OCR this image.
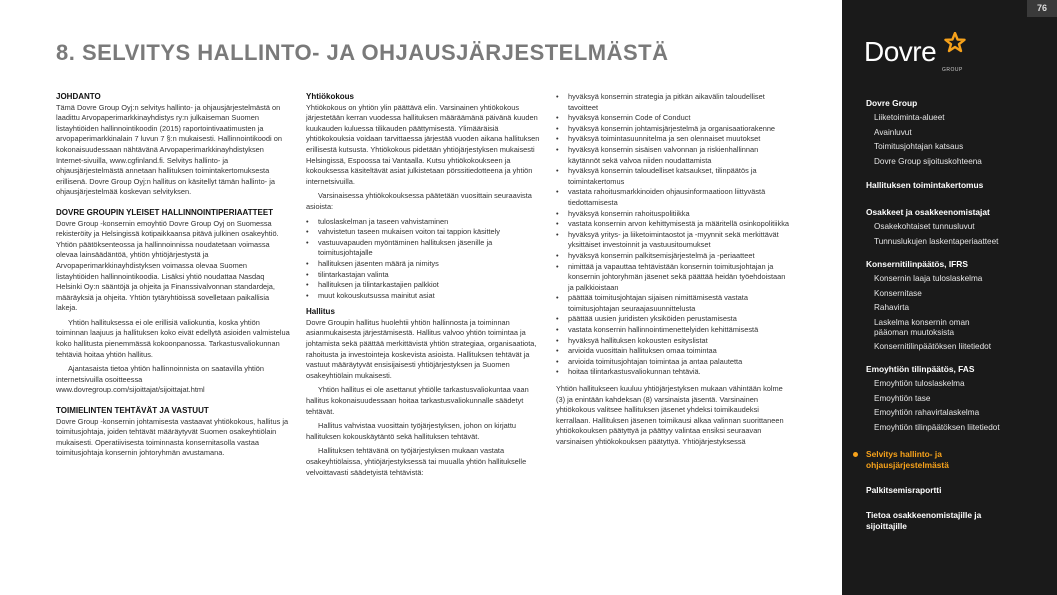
8. SELVITYS HALLINTO- JA OHJAUSJÄRJESTELMÄSTÄ
JOHDANTO

Tämä Dovre Group Oyj:n selvitys hallinto- ja ohjausjärjestelmästä on laadittu Arvopaperimarkkinayhdistys ry:n julkaiseman Suomen listayhtiöiden hallinnointikoodin (2015) raportointivaatimusten ja arvopaperimarkkinalain 7 luvun 7 §:n mukaisesti. Hallinnointikoodi on kokonaisuudessaan nähtävänä Arvopaperimarkkinayhdistyksen Internet-sivuilla, www.cgfinland.fi. Selvitys hallinto- ja ohjausjärjestelmästä annetaan hallituksen toimintakertomuksesta erillisenä. Dovre Group Oyj:n hallitus on käsitellyt tämän hallinto- ja ohjausjärjestelmää koskevan selvityksen.

DOVRE GROUPIN YLEISET HALLINNOINTIPERIAATTEET

Dovre Group -konsernin emoyhtiö Dovre Group Oyj on Suomessa rekisteröity ja Helsingissä kotipaikkaansa pitävä julkinen osakeyhtiö. Yhtiön päätöksenteossa ja hallinnoinnissa noudatetaan voimassa olevaa lainsäädäntöä, yhtiön yhtiöjärjestystä ja Arvopaperimarkkinayhdistyksen voimassa olevaa Suomen listayhtiöiden hallinnointikoodia. Lisäksi yhtiö noudattaa Nasdaq Helsinki Oy:n sääntöjä ja ohjeita ja Finanssivalvonnan standardeja, määräyksiä ja ohjeita. Yhtiön tytäryhtiöissä sovelletaan paikallisia lakeja.

Yhtiön hallituksessa ei ole erillisiä valiokuntia, koska yhtiön toiminnan laajuus ja hallituksen koko eivät edellytä asioiden valmistelua koko hallitusta pienemmässä kokoonpanossa. Tarkastusvaliokunnan tehtäviä hoitaa yhtiön hallitus.

Ajantasaista tietoa yhtiön hallinnoinnista on saatavilla yhtiön internetsivuilla osoitteessa www.dovregroup.com/sijoittajat/sijoittajat.html

TOIMIELINTEN TEHTÄVÄT JA VASTUUT

Dovre Group -konsernin johtamisesta vastaavat yhtiökokous, hallitus ja toimitusjohtaja, joiden tehtävät määräytyvät Suomen osakeyhtiölain mukaisesti. Operatiivisesta toiminnasta konsernitasolla vastaa toimitusjohtaja konsernin johtoryhmän avustamana.

Yhtiökokous

Yhtiökokous on yhtiön ylin päättävä elin. Varsinainen yhtiökokous järjestetään kerran vuodessa hallituksen määräämänä päivänä kuuden kuukauden kuluessa tilikauden päättymisestä. Ylimääräisiä yhtiökokouksia voidaan tarvittaessa järjestää vuoden aikana hallituksen erillisestä kutsusta. Yhtiökokous pidetään yhtiöjärjestyksen mukaisesti Helsingissä, Espoossa tai Vantaalla. Kutsu yhtiökokoukseen ja kokouksessa käsiteltävät asiat julkistetaan pörssitiedotteena ja yhtiön internetsivuilla.

Varsinaisessa yhtiökokouksessa päätetään vuosittain seuraavista asioista:

• tuloslaskelman ja taseen vahvistaminen
• vahvistetun taseen mukaisen voiton tai tappion käsittely
• vastuuvapauden myöntäminen hallituksen jäsenille ja toimitusjohtajalle
• hallituksen jäsenten määrä ja nimitys
• tilintarkastajan valinta
• hallituksen ja tilintarkastajien palkkiot
• muut kokouskutsussa mainitut asiat
Hallitus

Dovre Groupin hallitus huolehtii yhtiön hallinnosta ja toiminnan asianmukaisesta järjestämisestä. Hallitus valvoo yhtiön toimintaa ja johtamista sekä päättää merkittävistä yhtiön strategiaa, organisaatiota, rahoitusta ja investointeja koskevista asioista. Hallituksen tehtävät ja vastuut määräytyvät ensisijaisesti yhtiöjärjestyksen ja Suomen osakeyhtiölain mukaisesti.

Yhtiön hallitus ei ole asettanut yhtiölle tarkastusvaliokuntaa vaan hallitus kokonaisuudessaan hoitaa tarkastusvaliokunnalle säädetyt tehtävät.

Hallitus vahvistaa vuosittain työjärjestyksen, johon on kirjattu hallituksen kokouskäytäntö sekä hallituksen tehtävät.

Hallituksen tehtävänä on työjärjestyksen mukaan vastata osakeyhtiölaissa, yhtiöjärjestyksessä tai muualla yhtiön hallitukselle velvoittavasti säädetyistä tehtävistä:

• hyväksyä konsernin strategia ja pitkän aikavälin taloudelliset tavoitteet
• hyväksyä konsernin Code of Conduct
• hyväksyä konsernin johtamisjärjestelmä ja organisaatiorakenne
• hyväksyä toimintasuunnitelma ja sen olennaiset muutokset
• hyväksyä konsernin sisäisen valvonnan ja riskienhallinnan käytännöt sekä valvoa niiden noudattamista
• hyväksyä konsernin taloudelliset katsaukset, tilinpäätös ja toimintakertomus
• vastata rahoitusmarkkinoiden ohjausinformaatioon liittyvästä tiedottamisesta
• hyväksyä konsernin rahoituspolitiikka
• vastata konsernin arvon kehittymisestä ja määritellä osinkopolitiikka
• hyväksyä yritys- ja liiketoimintaostot ja -myynnit sekä merkittävät yksittäiset investoinnit ja vastuusitoumukset
• hyväksyä konsernin palkitsemisjärjestelmä ja -periaatteet
• nimittää ja vapauttaa tehtävistään konsernin toimitusjohtajan ja konsernin johtoryhmän jäsenet sekä päättää heidän työehdoistaan ja palkkioistaan
• päättää toimitusjohtajan sijaisen nimittämisestä vastata toimitusjohtajan seuraajasuunnittelusta
• päättää uusien juridisten yksiköiden perustamisesta
• vastata konsernin hallinnointimenettelyiden kehittämisestä
• hyväksyä hallituksen kokousten esityslistat
• arvioida vuosittain hallituksen omaa toimintaa
• arvioida toimitusjohtajan toimintaa ja antaa palautetta
• hoitaa tilintarkastusvaliokunnan tehtäviä.

Yhtiön hallitukseen kuuluu yhtiöjärjestyksen mukaan vähintään kolme (3) ja enintään kahdeksan (8) varsinaista jäsentä. Varsinainen yhtiökokous valitsee hallituksen jäsenet yhdeksi toimikaudeksi kerrallaan. Hallituksen jäsenen toimikausi alkaa valinnan suorittaneen yhtiökokouksen päätyttyä ja päättyy valintaa ensiksi seuraavan varsinaisen yhtiökokouksen päätyttyä. Yhtiöjärjestyksessä

76
Dovre
GROUP
Dovre Group
Liiketoiminta-alueet
Avainluvut
Toimitusjohtajan katsaus
Dovre Group sijoituskohteena
Hallituksen toimintakertomus
Osakkeet ja osakkeenomistajat
Osakekohtaiset tunnusluvut
Tunnuslukujen laskentaperiaatteet
Konsernitilinpäätös, IFRS
Konsernin laaja tuloslaskelma
Konsernitase
Rahavirta
Laskelma konsernin oman pääoman muutoksista
Konsernitilinpäätöksen liitetiedot
Emoyhtiön tilinpäätös, FAS
Emoyhtiön tuloslaskelma
Emoyhtiön tase
Emoyhtiön rahavirtalaskelma
Emoyhtiön tilinpäätöksen liitetiedot
Selvitys hallinto- ja ohjausjärjestelmästä
Palkitsemisraportti
Tietoa osakkeenomistajille ja sijoittajille
